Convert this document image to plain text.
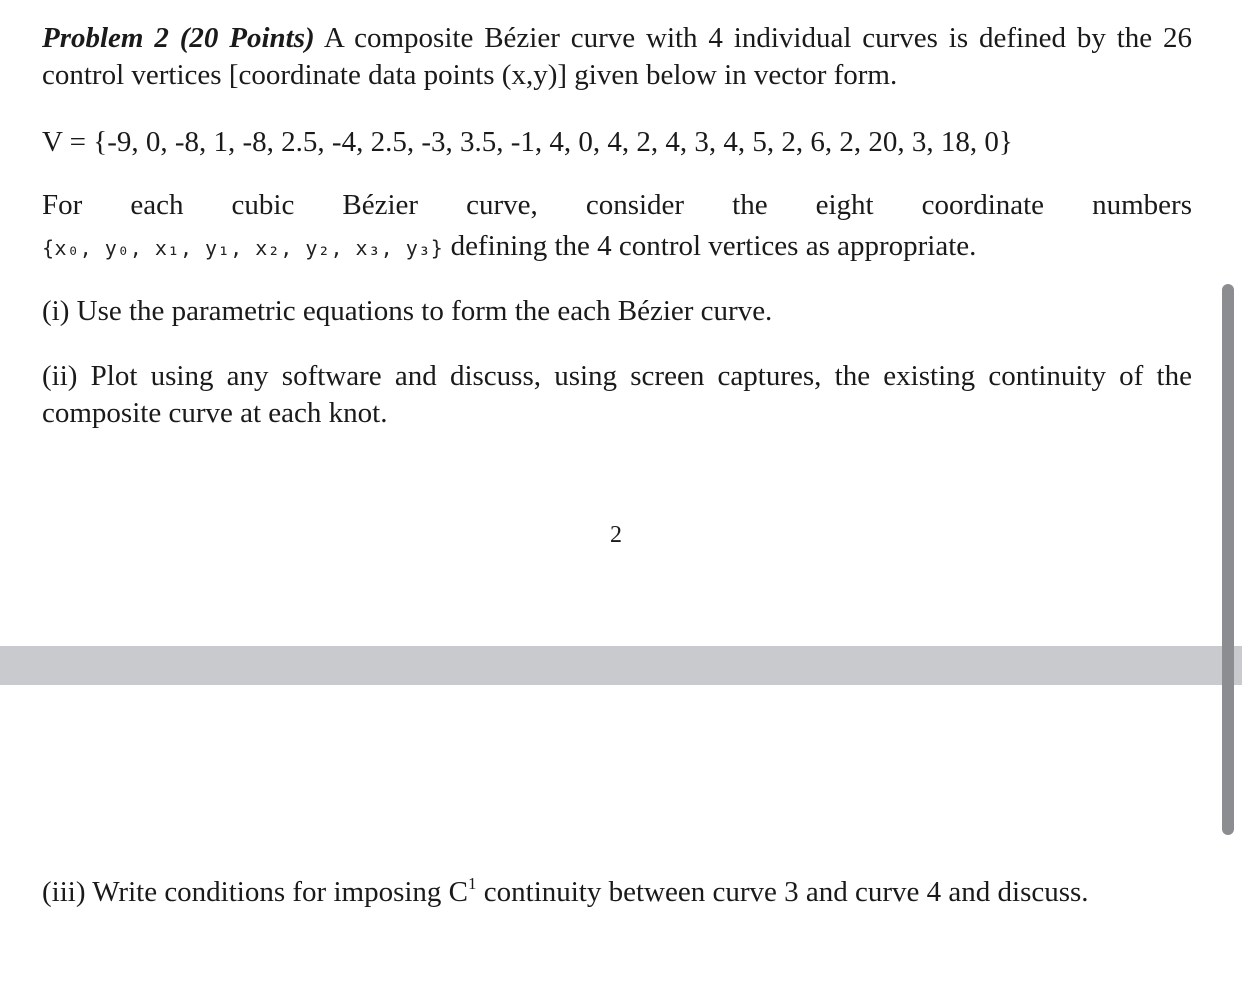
Problem 2 (20 Points) A composite Bézier curve with 4 individual curves is defined by the 26 control vertices [coordinate data points (x,y)] given below in vector form.

V = {-9, 0, -8, 1, -8, 2.5, -4, 2.5, -3, 3.5, -1, 4, 0, 4, 2, 4, 3, 4, 5, 2, 6, 2, 20, 3, 18, 0}

For each cubic Bézier curve, consider the eight coordinate numbers

{x₀, y₀, x₁, y₁, x₂, y₂, x₃, y₃} defining the 4 control vertices as appropriate.

(i) Use the parametric equations to form the each Bézier curve.

(ii) Plot using any software and discuss, using screen captures, the existing continuity of the composite curve at each knot.

2

(iii) Write conditions for imposing $C^1$ continuity between curve 3 and curve 4 and discuss.
